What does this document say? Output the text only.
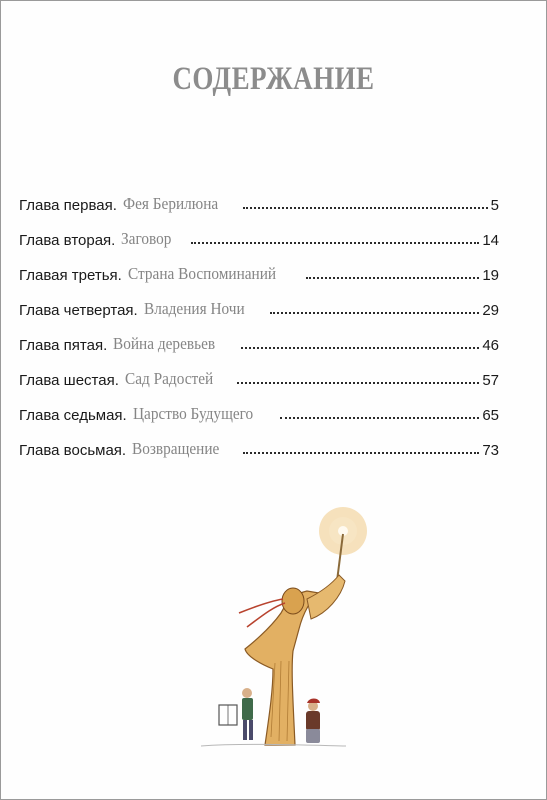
СОДЕРЖАНИЕ
Глава первая. Фея Берилюна	5
Глава вторая. Заговор	14
Главая третья. Страна Воспоминаний	19
Глава четвертая. Владения Ночи	29
Глава пятая. Война деревьев	46
Глава шестая. Сад Радостей	57
Глава седьмая. Царство Будущего	65
Глава восьмая. Возвращение	73
